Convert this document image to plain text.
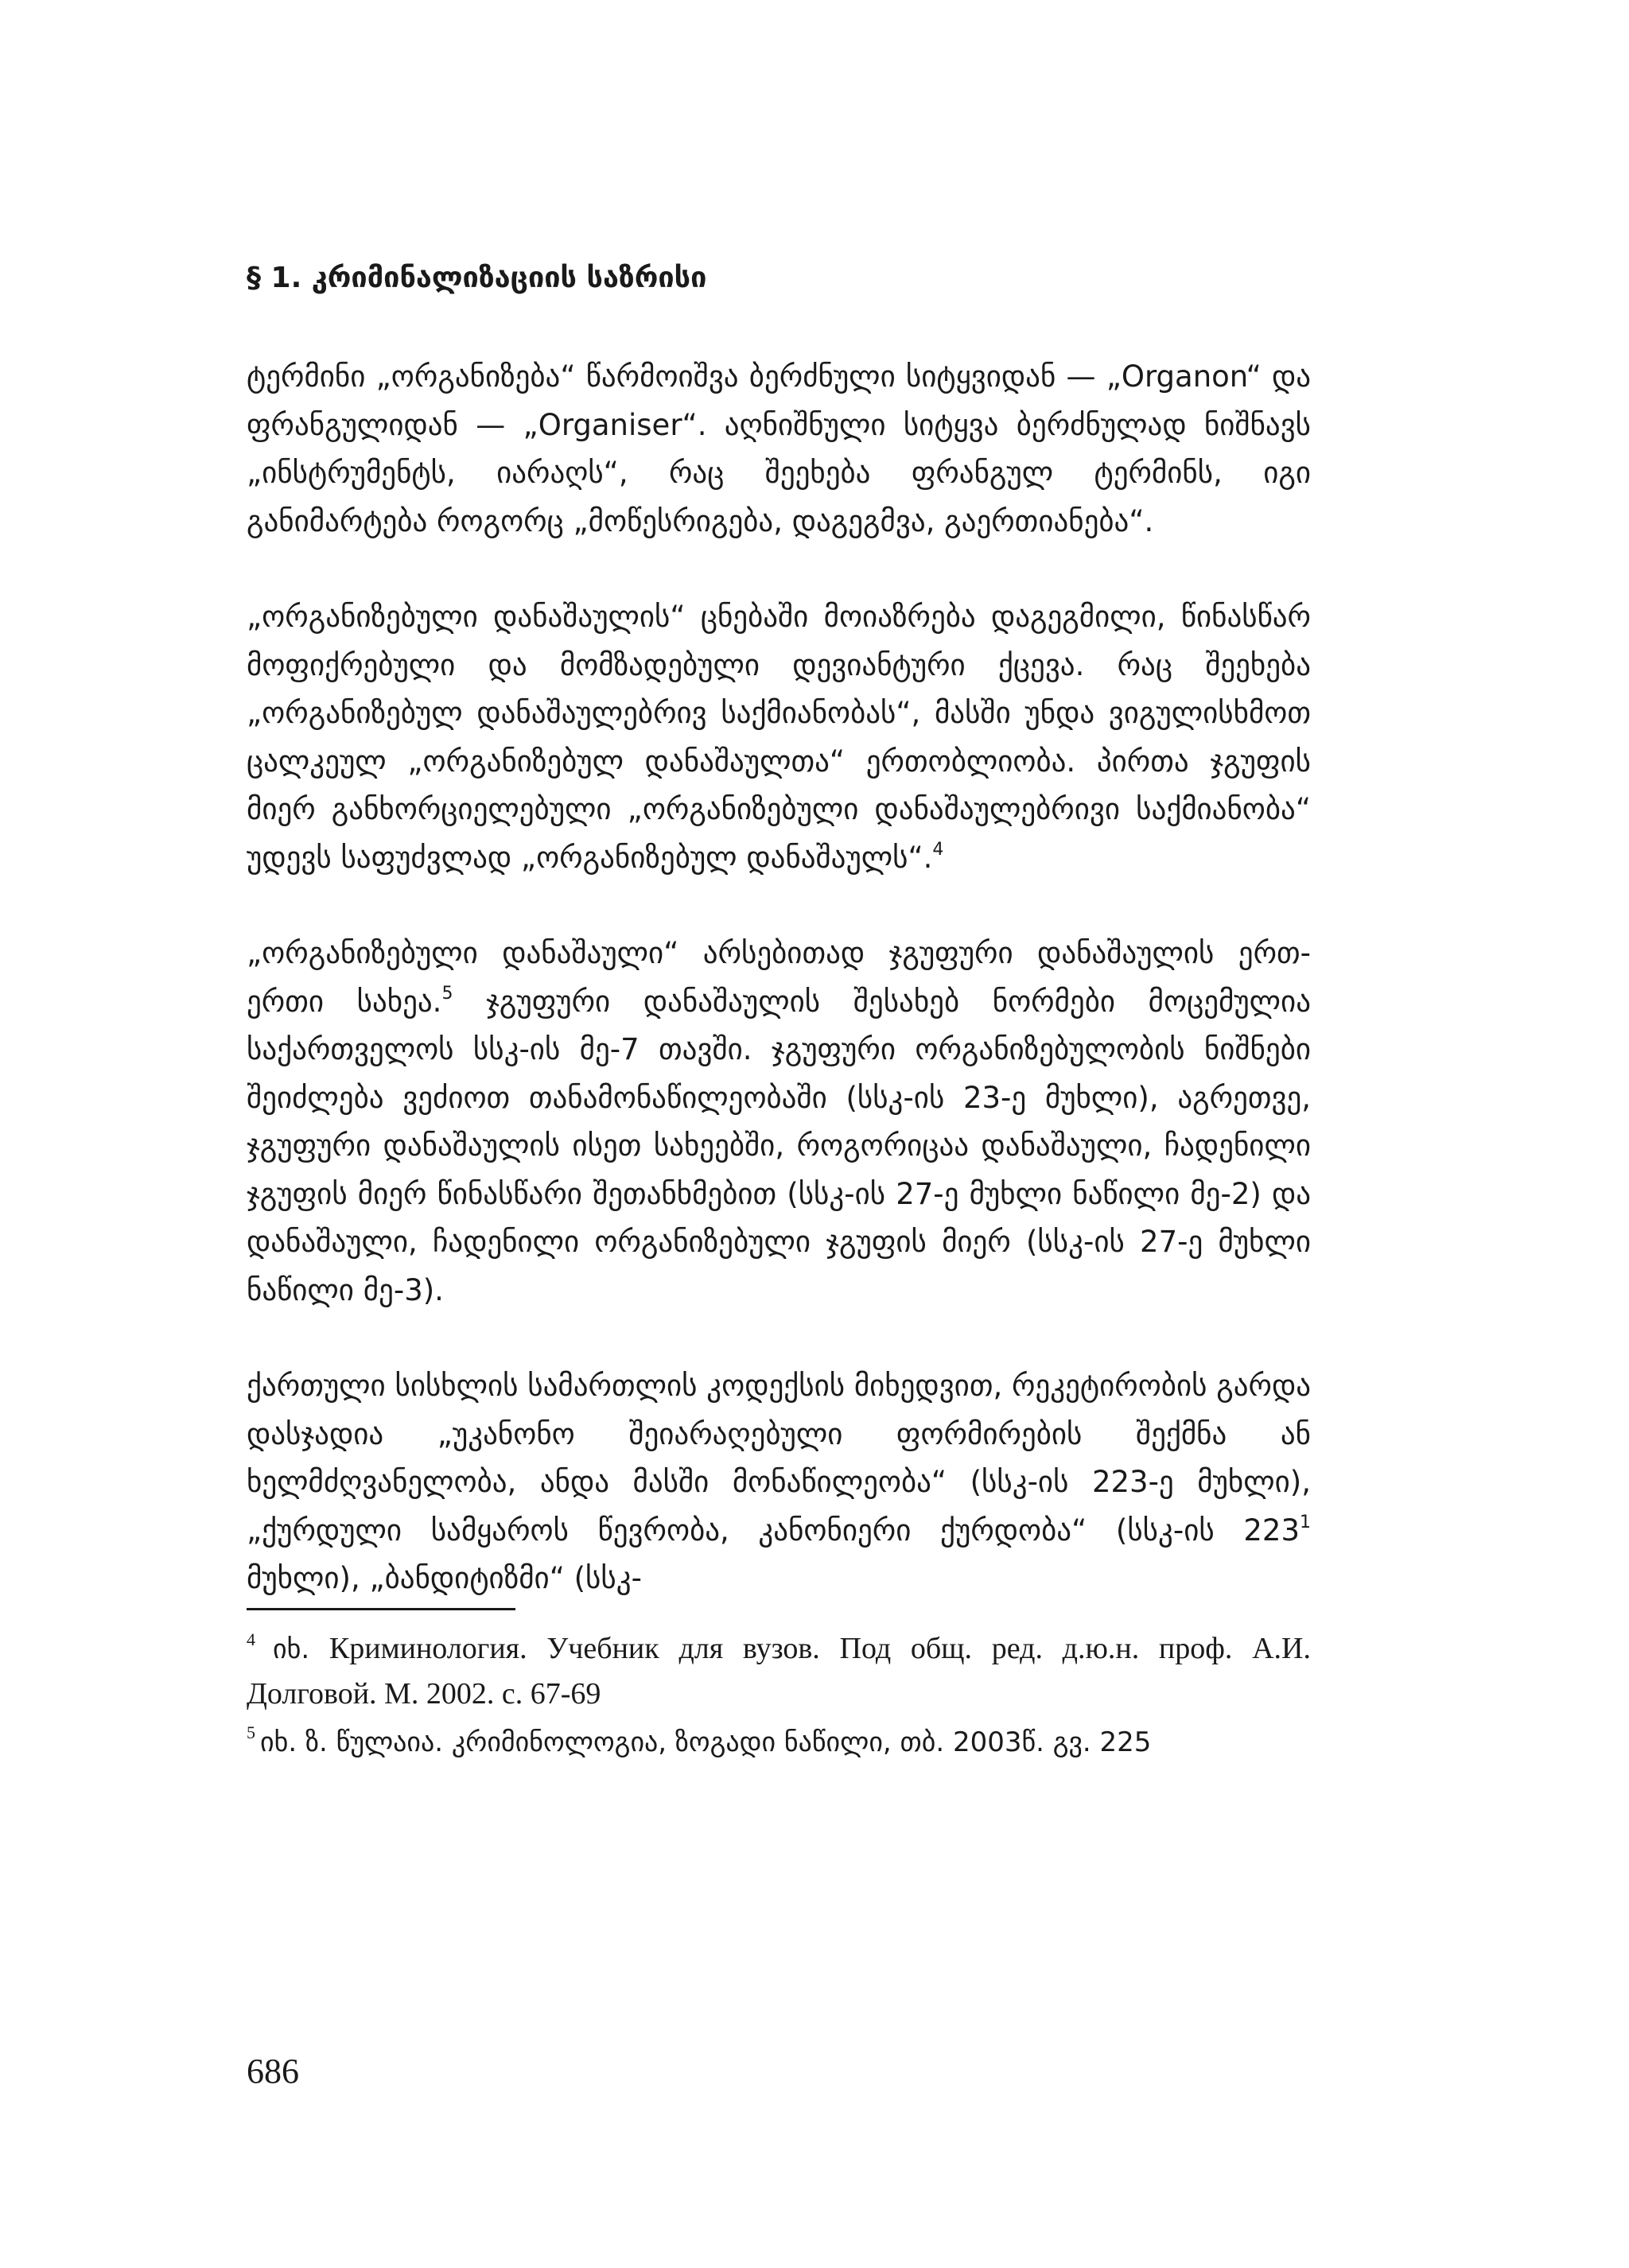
§ 1. კრიმინალიზაციის საზრისი

ტერმინი „ორგანიზება“ წარმოიშვა ბერძნული სიტყვიდან — „Organon“ და ფრანგულიდან — „Organiser“. აღნიშნული სიტყვა ბერძნულად ნიშნავს „ინსტრუმენტს, იარაღს“, რაც შეეხება ფრანგულ ტერმინს, იგი განიმარტება როგორც „მოწესრიგება, დაგეგმვა, გაერთიანება“.

„ორგანიზებული დანაშაულის“ ცნებაში მოიაზრება დაგეგმილი, წინასწარ მოფიქრებული და მომზადებული დევიანტური ქცევა. რაც შეეხება „ორგანიზებულ დანაშაულებრივ საქმიანობას“, მასში უნდა ვიგულისხმოთ ცალკეულ „ორგანიზებულ დანაშაულთა“ ერთობლიობა. პირთა ჯგუფის მიერ განხორციელებული „ორგანიზებული დანაშაულებრივი საქმიანობა“ უდევს საფუძვლად „ორგანიზებულ დანაშაულს“.$^4$

„ორგანიზებული დანაშაული“ არსებითად ჯგუფური დანაშაულის ერთ-ერთი სახეა.$^5$ ჯგუფური დანაშაულის შესახებ ნორმები მოცემულია საქართველოს სსკ-ის მე-7 თავში. ჯგუფური ორგანიზებულობის ნიშნები შეიძლება ვეძიოთ თანამონაწილეობაში (სსკ-ის 23-ე მუხლი), აგრეთვე, ჯგუფური დანაშაულის ისეთ სახეებში, როგორიცაა დანაშაული, ჩადენილი ჯგუფის მიერ წინასწარი შეთანხმებით (სსკ-ის 27-ე მუხლი ნაწილი მე-2) და დანაშაული, ჩადენილი ორგანიზებული ჯგუფის მიერ (სსკ-ის 27-ე მუხლი ნაწილი მე-3).

ქართული სისხლის სამართლის კოდექსის მიხედვით, რეკეტირობის გარდა დასჯადია „უკანონო შეიარაღებული ფორმირების შექმნა ან ხელმძღვანელობა, ანდა მასში მონაწილეობა“ (სსკ-ის 223-ე მუხლი), „ქურდული სამყაროს წევრობა, კანონიერი ქურდობა“ (სსკ-ის $223^1$ მუხლი), „ბანდიტიზმი“ (სსკ-

$^4$ იხ. Криминология. Учебник для вузов. Под общ. ред. д.ю.н. проф. А.И. Долговой. М. 2002. с. 67-69

$^5$ იხ. ზ. წულაია. კრიმინოლოგია, ზოგადი ნაწილი, თბ. 2003წ. გვ. 225

686
